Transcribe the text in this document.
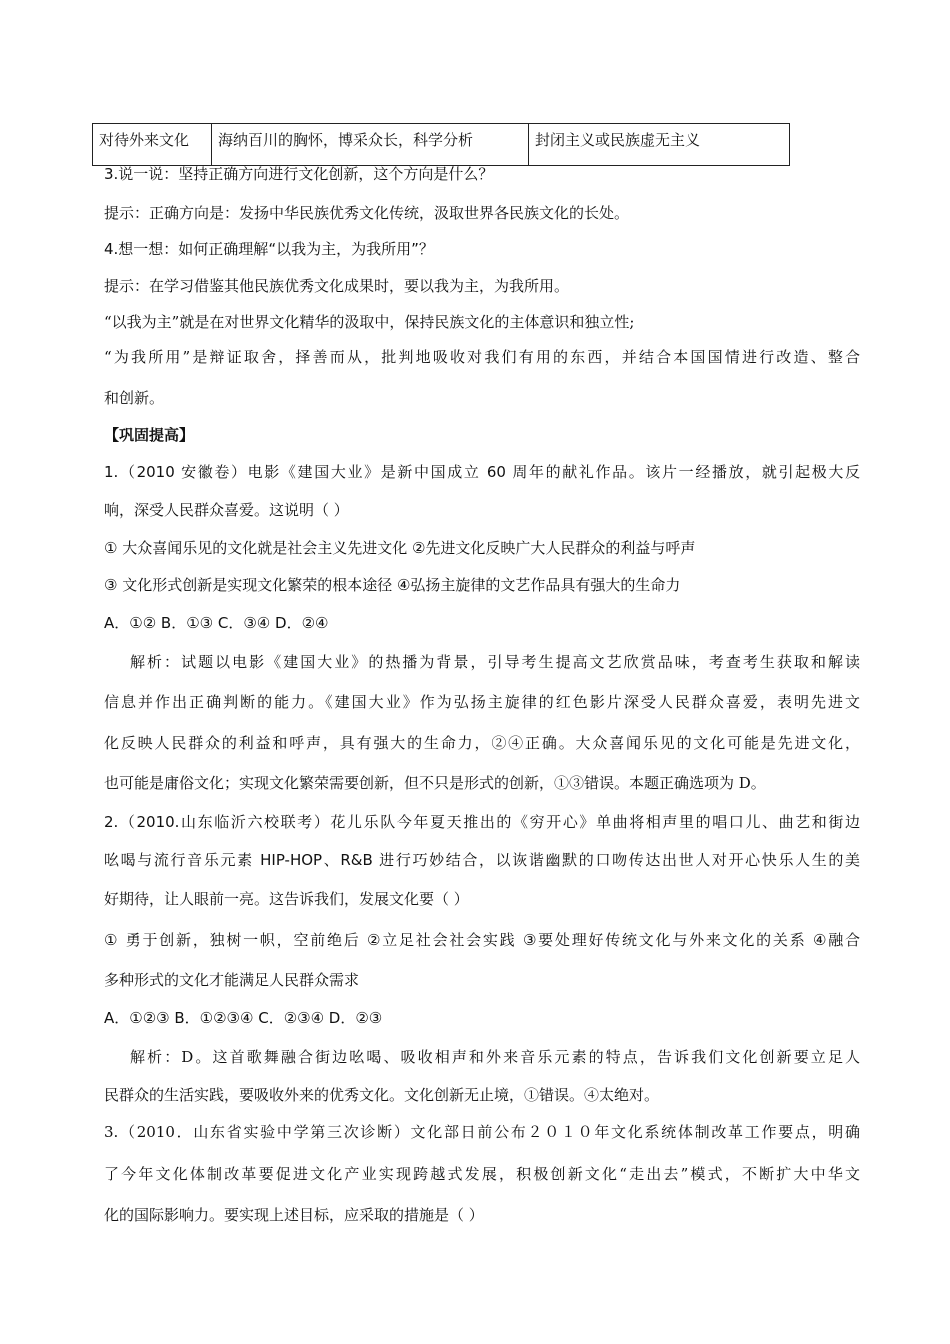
对待外来文化	海纳百川的胸怀，博采众长，科学分析	封闭主义或民族虚无主义
3.说一说：坚持正确方向进行文化创新，这个方向是什么？
提示：正确方向是：发扬中华民族优秀文化传统，汲取世界各民族文化的长处。
4.想一想：如何正确理解“以我为主，为我所用”？
提示：在学习借鉴其他民族优秀文化成果时，要以我为主，为我所用。
“以我为主”就是在对世界文化精华的汲取中，保持民族文化的主体意识和独立性;
“为我所用”是辩证取舍，择善而从，批判地吸收对我们有用的东西，并结合本国国情进行改造、整合
和创新。
【巩固提高】
1.（2010 安徽卷）电影《建国大业》是新中国成立 60 周年的献礼作品。该片一经播放，就引起极大反
响，深受人民群众喜爱。这说明（ ）
① 大众喜闻乐见的文化就是社会主义先进文化 ②先进文化反映广大人民群众的利益与呼声
③ 文化形式创新是实现文化繁荣的根本途径 ④弘扬主旋律的文艺作品具有强大的生命力
A．①② B．①③ C．③④ D．②④
解析：试题以电影《建国大业》的热播为背景，引导考生提高文艺欣赏品味，考查考生获取和解读
信息并作出正确判断的能力。《建国大业》作为弘扬主旋律的红色影片深受人民群众喜爱，表明先进文
化反映人民群众的利益和呼声，具有强大的生命力，②④正确。大众喜闻乐见的文化可能是先进文化，
也可能是庸俗文化；实现文化繁荣需要创新，但不只是形式的创新，①③错误。本题正确选项为 D。
2.（2010.山东临沂六校联考）花儿乐队今年夏天推出的《穷开心》单曲将相声里的唱口儿、曲艺和街边
吆喝与流行音乐元素 HIP-HOP、R&B 进行巧妙结合，以诙谐幽默的口吻传达出世人对开心快乐人生的美
好期待，让人眼前一亮。这告诉我们，发展文化要（ ）
① 勇于创新，独树一帜，空前绝后 ②立足社会社会实践 ③要处理好传统文化与外来文化的关系 ④融合
多种形式的文化才能满足人民群众需求
A．①②③ B．①②③④ C．②③④ D．②③
解析：D。这首歌舞融合街边吆喝、吸收相声和外来音乐元素的特点，告诉我们文化创新要立足人
民群众的生活实践，要吸收外来的优秀文化。文化创新无止境，①错误。④太绝对。
3.（2010．山东省实验中学第三次诊断）文化部日前公布２０１０年文化系统体制改革工作要点，明确
了今年文化体制改革要促进文化产业实现跨越式发展，积极创新文化“走出去”模式，不断扩大中华文
化的国际影响力。要实现上述目标，应采取的措施是（ ）
